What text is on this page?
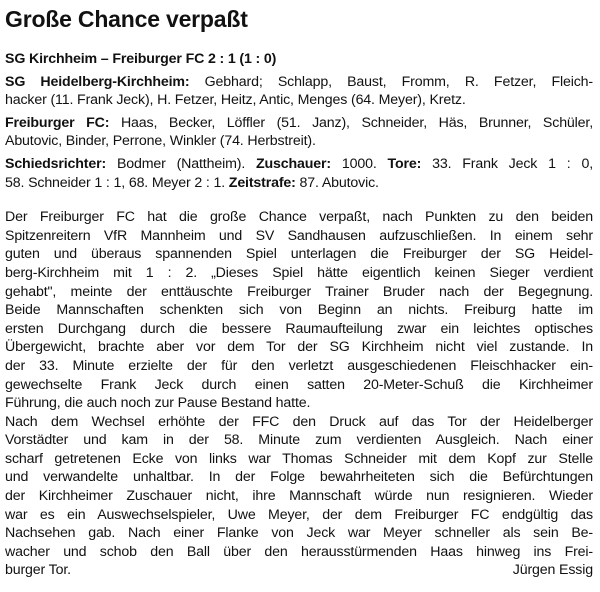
Große Chance verpaßt
SG Kirchheim – Freiburger FC 2 : 1 (1 : 0)
SG Heidelberg-Kirchheim: Gebhard; Schlapp, Baust, Fromm, R. Fetzer, Fleich-
hacker (11. Frank Jeck), H. Fetzer, Heitz, Antic, Menges (64. Meyer), Kretz.
Freiburger FC: Haas, Becker, Löffler (51. Janz), Schneider, Häs, Brunner, Schüler,
Abutovic, Binder, Perrone, Winkler (74. Herbstreit).
Schiedsrichter: Bodmer (Nattheim). Zuschauer: 1000. Tore: 33. Frank Jeck 1 : 0,
58. Schneider 1 : 1, 68. Meyer 2 : 1. Zeitstrafe: 87. Abutovic.
Der Freiburger FC hat die große Chance verpaßt, nach Punkten zu den beiden
Spitzenreitern VfR Mannheim und SV Sandhausen aufzuschließen. In einem sehr
guten und überaus spannenden Spiel unterlagen die Freiburger der SG Heidel-
berg-Kirchheim mit 1 : 2. „Dieses Spiel hätte eigentlich keinen Sieger verdient
gehabt", meinte der enttäuschte Freiburger Trainer Bruder nach der Begegnung.
Beide Mannschaften schenkten sich von Beginn an nichts. Freiburg hatte im
ersten Durchgang durch die bessere Raumaufteilung zwar ein leichtes optisches
Übergewicht, brachte aber vor dem Tor der SG Kirchheim nicht viel zustande. In
der 33. Minute erzielte der für den verletzt ausgeschiedenen Fleischhacker ein-
gewechselte Frank Jeck durch einen satten 20-Meter-Schuß die Kirchheimer
Führung, die auch noch zur Pause Bestand hatte.
Nach dem Wechsel erhöhte der FFC den Druck auf das Tor der Heidelberger
Vorstädter und kam in der 58. Minute zum verdienten Ausgleich. Nach einer
scharf getretenen Ecke von links war Thomas Schneider mit dem Kopf zur Stelle
und verwandelte unhaltbar. In der Folge bewahrheiteten sich die Befürchtungen
der Kirchheimer Zuschauer nicht, ihre Mannschaft würde nun resignieren. Wieder
war es ein Auswechselspieler, Uwe Meyer, der dem Freiburger FC endgültig das
Nachsehen gab. Nach einer Flanke von Jeck war Meyer schneller als sein Be-
wacher und schob den Ball über den herausstürmenden Haas hinweg ins Frei-
burger Tor.	Jürgen Essig
